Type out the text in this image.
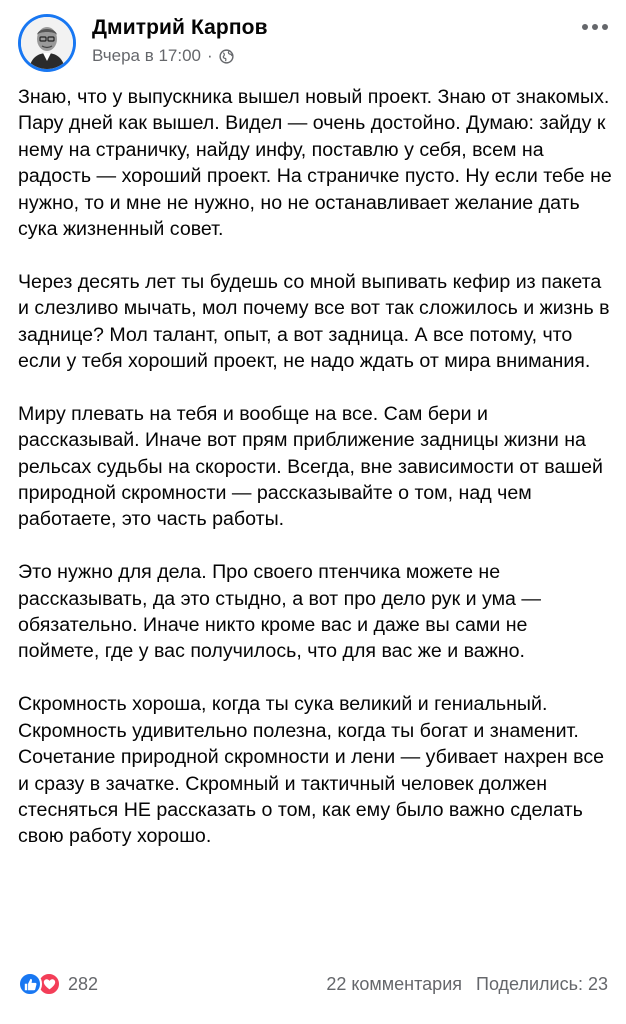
Дмитрий Карпов
Вчера в 17:00 ·

Знаю, что у выпускника вышел новый проект. Знаю от знакомых. Пару дней как вышел. Видел — очень достойно. Думаю: зайду к нему на страничку, найду инфу, поставлю у себя, всем на радость — хороший проект. На страничке пусто. Ну если тебе не нужно, то и мне не нужно, но не останавливает желание дать сука жизненный совет.

Через десять лет ты будешь со мной выпивать кефир из пакета и слезливо мычать, мол почему все вот так сложилось и жизнь в заднице? Мол талант, опыт, а вот задница. А все потому, что если у тебя хороший проект, не надо ждать от мира внимания.

Миру плевать на тебя и вообще на все. Сам бери и рассказывай. Иначе вот прям приближение задницы жизни на рельсах судьбы на скорости. Всегда, вне зависимости от вашей природной скромности — рассказывайте о том, над чем работаете, это часть работы.

Это нужно для дела. Про своего птенчика можете не рассказывать, да это стыдно, а вот про дело рук и ума — обязательно. Иначе никто кроме вас и даже вы сами не поймете, где у вас получилось, что для вас же и важно.

Скромность хороша, когда ты сука великий и гениальный. Скромность удивительно полезна, когда ты богат и знаменит. Сочетание природной скромности и лени — убивает нахрен все и сразу в зачатке. Скромный и тактичный человек должен стесняться НЕ рассказать о том, как ему было важно сделать свою работу хорошо.

282	22 комментария Поделились: 23
